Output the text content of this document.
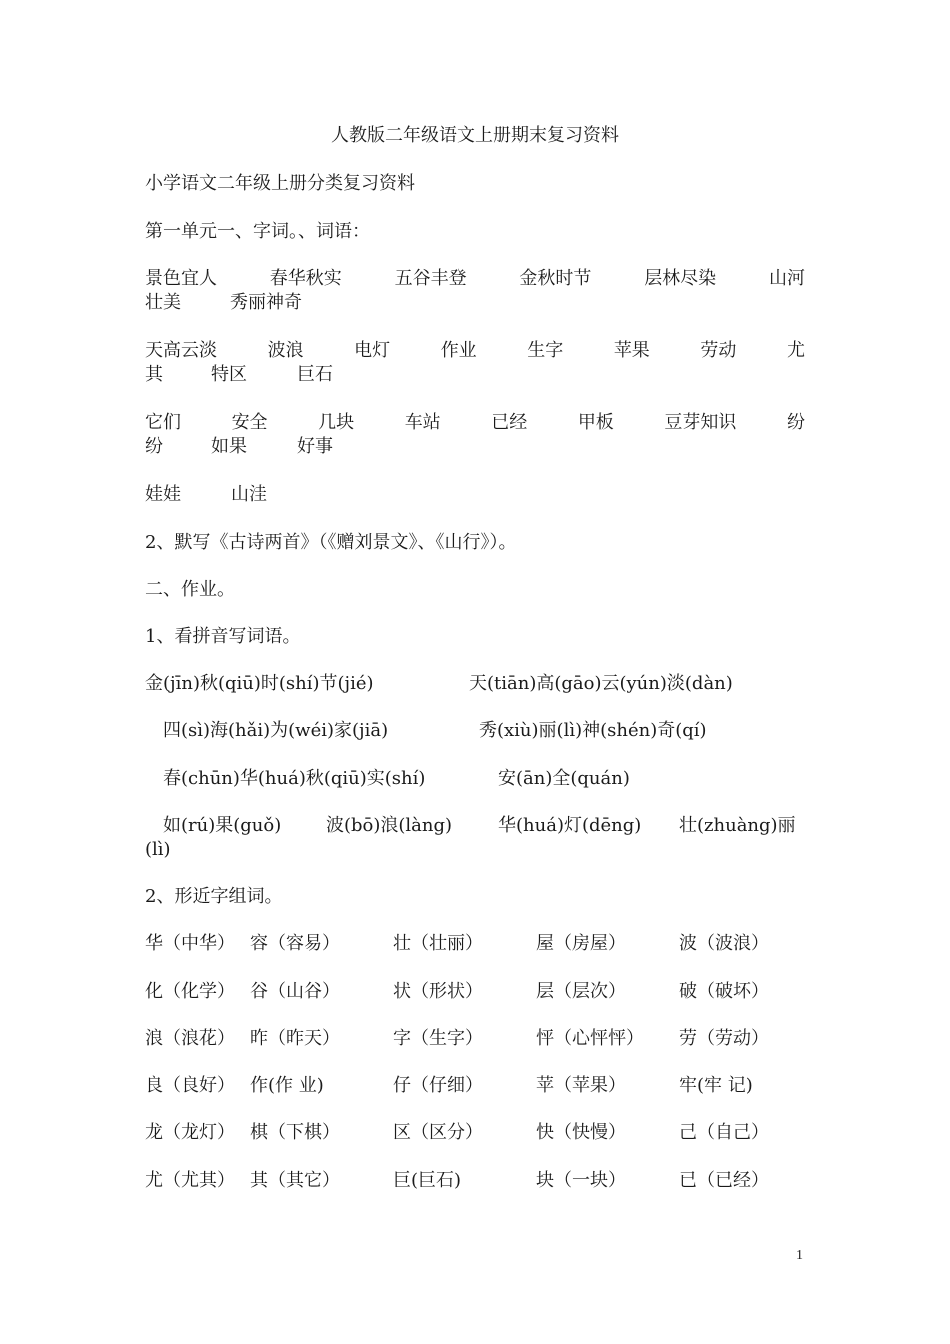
人教版二年级语文上册期末复习资料
小学语文二年级上册分类复习资料
第一单元一、字词。、词语：
景色宜人	春华秋实	五谷丰登	金秋时节	层林尽染	山河
壮美	秀丽神奇
天高云淡	波浪	电灯	作业	生字	苹果	劳动	尤
其	特区	巨石
它们	安全	几块	车站	已经	甲板	豆芽知识	纷
纷	如果	好事
娃娃	山洼
2、默写《古诗两首》（《赠刘景文》、《山行》）。
二、作业。
1、看拼音写词语。
金(jīn)秋(qiū)时(shí)节(jié)	天(tiān)高(gāo)云(yún)淡(dàn)
四(sì)海(hǎi)为(wéi)家(jiā)	秀(xiù)丽(lì)神(shén)奇(qí)
春(chūn)华(huá)秋(qiū)实(shí)	安(ān)全(quán)
如(rú)果(guǒ) 波(bō)浪(làng)	华(huá)灯(dēng) 壮(zhuàng)丽
(lì)
2、形近字组词。
华（中华） 容（容易）	壮（壮丽）	屋（房屋）	波（波浪）
化（化学） 谷（山谷）	状（形状）	层（层次）	破（破坏）
浪（浪花） 昨（昨天）	字（生字）	怦（心怦怦）	劳（劳动）
良（良好） 作(作 业)	仔（仔细）	苹（苹果）	牢(牢 记)
龙（龙灯） 棋（下棋）	区（区分）	快（快慢）	己（自己）
尤（尤其） 其（其它）	巨(巨石)	块（一块）	已（已经）
1
